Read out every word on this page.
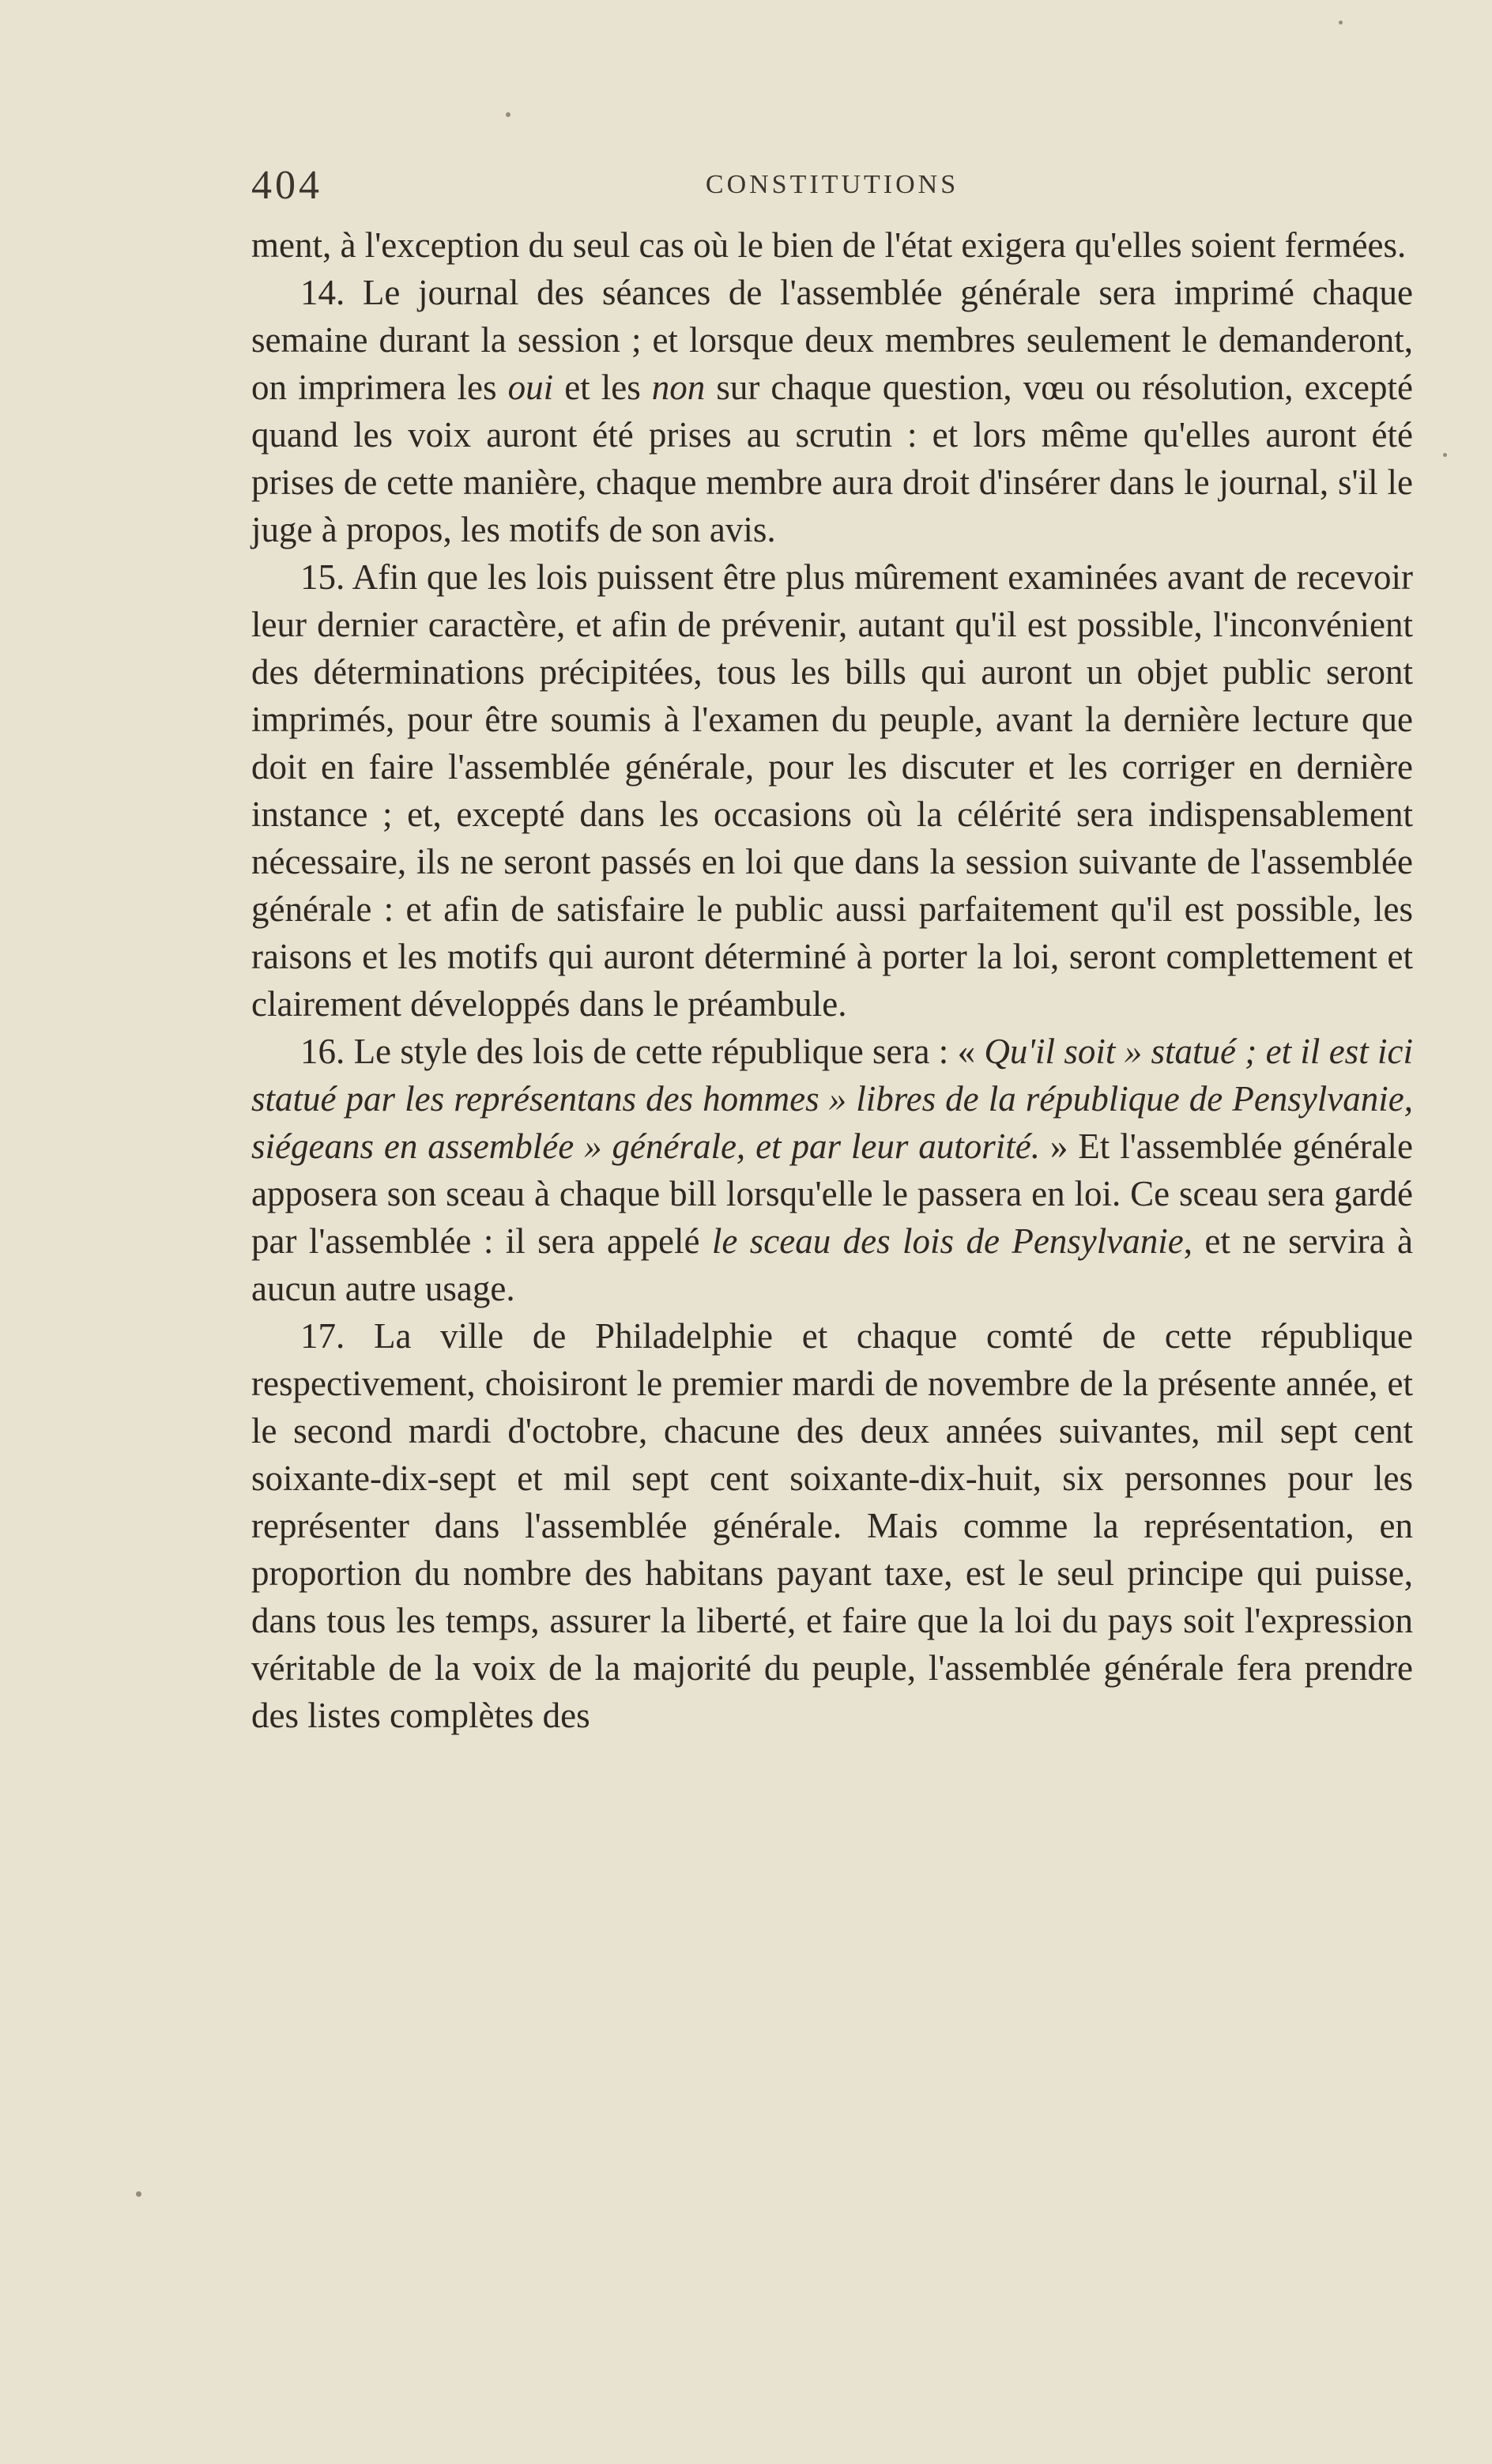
404	CONSTITUTIONS

ment, à l'exception du seul cas où le bien de l'état exigera qu'elles soient fermées.

14. Le journal des séances de l'assemblée générale sera imprimé chaque semaine durant la session ; et lorsque deux membres seulement le demanderont, on imprimera les oui et les non sur chaque question, vœu ou résolution, excepté quand les voix auront été prises au scrutin : et lors même qu'elles auront été prises de cette manière, chaque membre aura droit d'insérer dans le journal, s'il le juge à propos, les motifs de son avis.

15. Afin que les lois puissent être plus mûrement examinées avant de recevoir leur dernier caractère, et afin de prévenir, autant qu'il est possible, l'inconvénient des déterminations précipitées, tous les bills qui auront un objet public seront imprimés, pour être soumis à l'examen du peuple, avant la dernière lecture que doit en faire l'assemblée générale, pour les discuter et les corriger en dernière instance ; et, excepté dans les occasions où la célérité sera indispensablement nécessaire, ils ne seront passés en loi que dans la session suivante de l'assemblée générale : et afin de satisfaire le public aussi parfaitement qu'il est possible, les raisons et les motifs qui auront déterminé à porter la loi, seront complettement et clairement développés dans le préambule.

16. Le style des lois de cette république sera : « Qu'il soit » statué ; et il est ici statué par les représentans des hommes » libres de la république de Pensylvanie, siégeans en assemblée » générale, et par leur autorité. » Et l'assemblée générale apposera son sceau à chaque bill lorsqu'elle le passera en loi. Ce sceau sera gardé par l'assemblée : il sera appelé le sceau des lois de Pensylvanie, et ne servira à aucun autre usage.

17. La ville de Philadelphie et chaque comté de cette république respectivement, choisiront le premier mardi de novembre de la présente année, et le second mardi d'octobre, chacune des deux années suivantes, mil sept cent soixante-dix-sept et mil sept cent soixante-dix-huit, six personnes pour les représenter dans l'assemblée générale. Mais comme la représentation, en proportion du nombre des habitans payant taxe, est le seul principe qui puisse, dans tous les temps, assurer la liberté, et faire que la loi du pays soit l'expression véritable de la voix de la majorité du peuple, l'assemblée générale fera prendre des listes complètes des
